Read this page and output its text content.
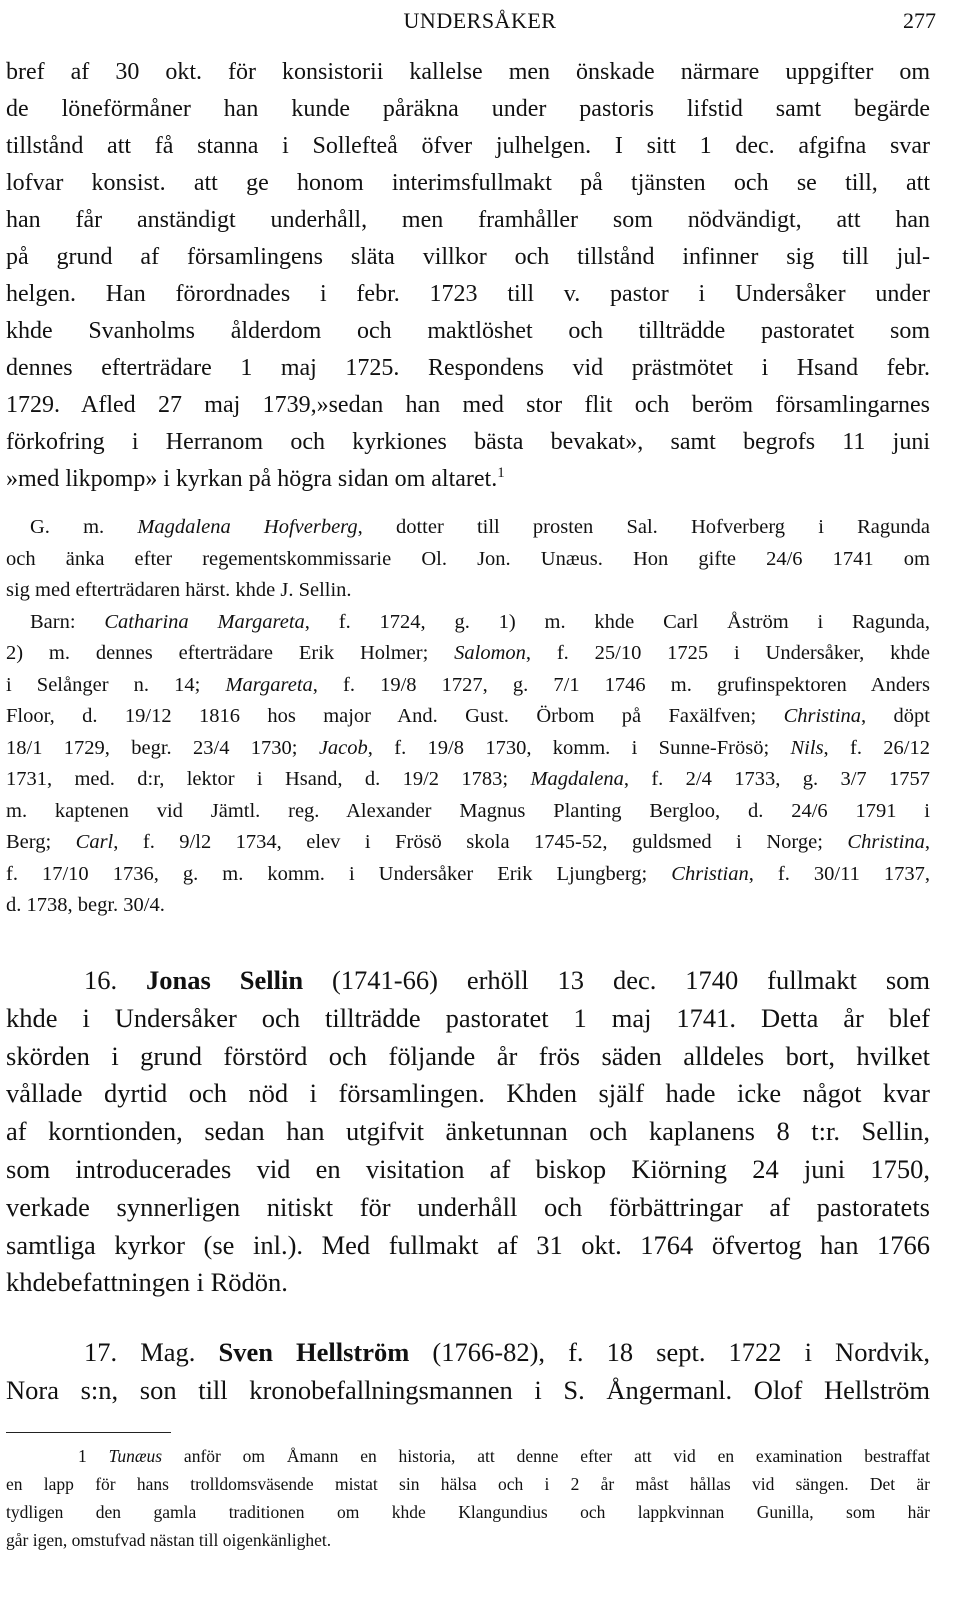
UNDERSÅKER	277
bref af 30 okt. för konsistorii kallelse men önskade närmare uppgifter om
de löneförmåner han kunde påräkna under pastoris lifstid samt begärde
tillstånd att få stanna i Sollefteå öfver julhelgen. I sitt 1 dec. afgifna svar
lofvar konsist. att ge honom interimsfullmakt på tjänsten och se till, att
han får anständigt underhåll, men framhåller som nödvändigt, att han
på grund af församlingens släta villkor och tillstånd infinner sig till jul-
helgen. Han förordnades i febr. 1723 till v. pastor i Undersåker under
khde Svanholms ålderdom och maktlöshet och tillträdde pastoratet som
dennes efterträdare 1 maj 1725. Respondens vid prästmötet i Hsand febr.
1729. Afled 27 maj 1739,»sedan han med stor flit och beröm församlingarnes
förkofring i Herranom och kyrkiones bästa bevakat», samt begrofs 11 juni
»med likpomp» i kyrkan på högra sidan om altaret.$^1$
G. m. Magdalena Hofverberg, dotter till prosten Sal. Hofverberg i Ragunda
och änka efter regementskommissarie Ol. Jon. Unæus. Hon gifte 24/6 1741 om
sig med efterträdaren härst. khde J. Sellin.
Barn: Catharina Margareta, f. 1724, g. 1) m. khde Carl Åström i Ragunda,
2) m. dennes efterträdare Erik Holmer; Salomon, f. 25/10 1725 i Undersåker, khde
i Selånger n. 14; Margareta, f. 19/8 1727, g. 7/1 1746 m. grufinspektoren Anders
Floor, d. 19/12 1816 hos major And. Gust. Örbom på Faxälfven; Christina, döpt
18/1 1729, begr. 23/4 1730; Jacob, f. 19/8 1730, komm. i Sunne-Frösö; Nils, f. 26/12
1731, med. d:r, lektor i Hsand, d. 19/2 1783; Magdalena, f. 2/4 1733, g. 3/7 1757
m. kaptenen vid Jämtl. reg. Alexander Magnus Planting Bergloo, d. 24/6 1791 i
Berg; Carl, f. 9/l2 1734, elev i Frösö skola 1745-52, guldsmed i Norge; Christina,
f. 17/10 1736, g. m. komm. i Undersåker Erik Ljungberg; Christian, f. 30/11 1737,
d. 1738, begr. 30/4.
16. Jonas Sellin (1741-66) erhöll 13 dec. 1740 fullmakt som
khde i Undersåker och tillträdde pastoratet 1 maj 1741. Detta år blef
skörden i grund förstörd och följande år frös säden alldeles bort, hvilket
vållade dyrtid och nöd i församlingen. Khden själf hade icke något kvar
af korntionden, sedan han utgifvit änketunnan och kaplanens 8 t:r. Sellin,
som introducerades vid en visitation af biskop Kiörning 24 juni 1750,
verkade synnerligen nitiskt för underhåll och förbättringar af pastoratets
samtliga kyrkor (se inl.). Med fullmakt af 31 okt. 1764 öfvertog han 1766
khdebefattningen i Rödön.
17. Mag. Sven Hellström (1766-82), f. 18 sept. 1722 i Nordvik,
Nora s:n, son till kronobefallningsmannen i S. Ångermanl. Olof Hellström
1 Tunæus anför om Åmann en historia, att denne efter att vid en examination bestraffat
en lapp för hans trolldomsväsende mistat sin hälsa och i 2 år måst hållas vid sängen. Det är
tydligen den gamla traditionen om khde Klangundius och lappkvinnan Gunilla, som här
går igen, omstufvad nästan till oigenkänlighet.
